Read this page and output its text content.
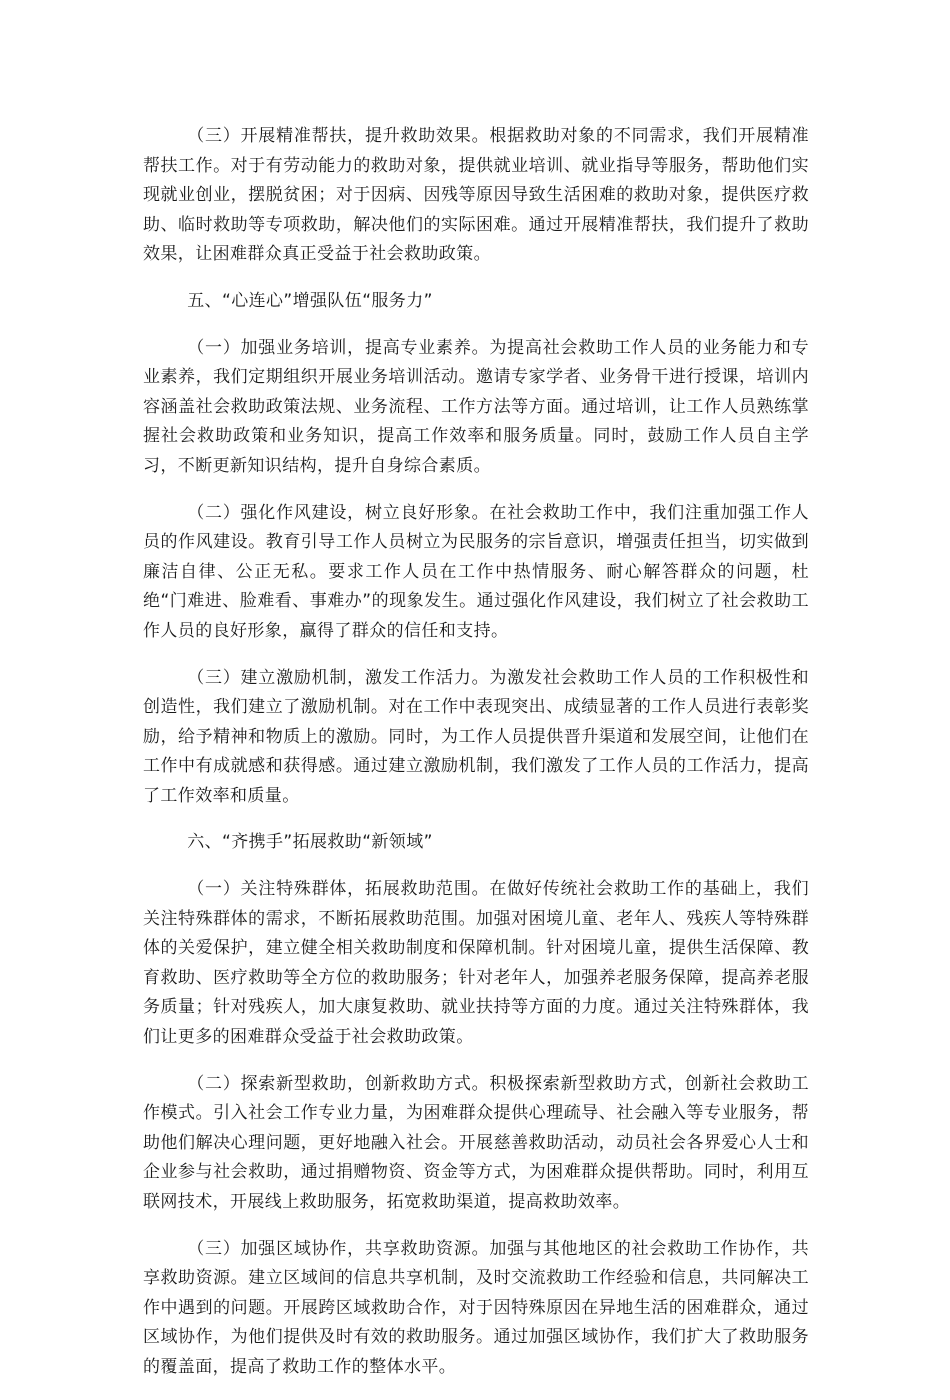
（三）开展精准帮扶，提升救助效果。根据救助对象的不同需求，我们开展精准帮扶工作。对于有劳动能力的救助对象，提供就业培训、就业指导等服务，帮助他们实现就业创业，摆脱贫困；对于因病、因残等原因导致生活困难的救助对象，提供医疗救助、临时救助等专项救助，解决他们的实际困难。通过开展精准帮扶，我们提升了救助效果，让困难群众真正受益于社会救助政策。

五、“心连心”增强队伍“服务力”

（一）加强业务培训，提高专业素养。为提高社会救助工作人员的业务能力和专业素养，我们定期组织开展业务培训活动。邀请专家学者、业务骨干进行授课，培训内容涵盖社会救助政策法规、业务流程、工作方法等方面。通过培训，让工作人员熟练掌握社会救助政策和业务知识，提高工作效率和服务质量。同时，鼓励工作人员自主学习，不断更新知识结构，提升自身综合素质。

（二）强化作风建设，树立良好形象。在社会救助工作中，我们注重加强工作人员的作风建设。教育引导工作人员树立为民服务的宗旨意识，增强责任担当，切实做到廉洁自律、公正无私。要求工作人员在工作中热情服务、耐心解答群众的问题，杜绝“门难进、脸难看、事难办”的现象发生。通过强化作风建设，我们树立了社会救助工作人员的良好形象，赢得了群众的信任和支持。

（三）建立激励机制，激发工作活力。为激发社会救助工作人员的工作积极性和创造性，我们建立了激励机制。对在工作中表现突出、成绩显著的工作人员进行表彰奖励，给予精神和物质上的激励。同时，为工作人员提供晋升渠道和发展空间，让他们在工作中有成就感和获得感。通过建立激励机制，我们激发了工作人员的工作活力，提高了工作效率和质量。

六、“齐携手”拓展救助“新领域”

（一）关注特殊群体，拓展救助范围。在做好传统社会救助工作的基础上，我们关注特殊群体的需求，不断拓展救助范围。加强对困境儿童、老年人、残疾人等特殊群体的关爱保护，建立健全相关救助制度和保障机制。针对困境儿童，提供生活保障、教育救助、医疗救助等全方位的救助服务；针对老年人，加强养老服务保障，提高养老服务质量；针对残疾人，加大康复救助、就业扶持等方面的力度。通过关注特殊群体，我们让更多的困难群众受益于社会救助政策。

（二）探索新型救助，创新救助方式。积极探索新型救助方式，创新社会救助工作模式。引入社会工作专业力量，为困难群众提供心理疏导、社会融入等专业服务，帮助他们解决心理问题，更好地融入社会。开展慈善救助活动，动员社会各界爱心人士和企业参与社会救助，通过捐赠物资、资金等方式，为困难群众提供帮助。同时，利用互联网技术，开展线上救助服务，拓宽救助渠道，提高救助效率。

（三）加强区域协作，共享救助资源。加强与其他地区的社会救助工作协作，共享救助资源。建立区域间的信息共享机制，及时交流救助工作经验和信息，共同解决工作中遇到的问题。开展跨区域救助合作，对于因特殊原因在异地生活的困难群众，通过区域协作，为他们提供及时有效的救助服务。通过加强区域协作，我们扩大了救助服务的覆盖面，提高了救助工作的整体水平。
